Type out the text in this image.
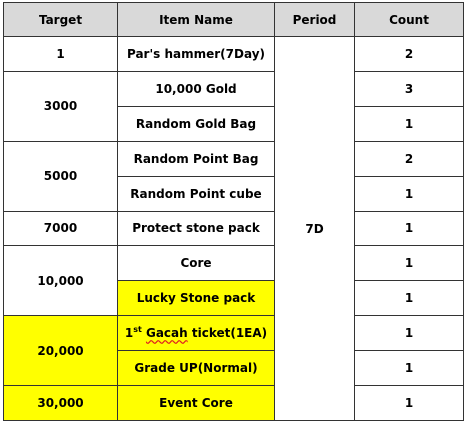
Target	Item Name	Period	Count
1	Par's hammer(7Day)	7D	2
3000	10,000 Gold		3
	Random Gold Bag		1
5000	Random Point Bag		2
	Random Point cube		1
7000	Protect stone pack		1
10,000	Core		1
	Lucky Stone pack		1
20,000	1st Gacah ticket(1EA)		1
	Grade UP(Normal)		1
30,000	Event Core		1
